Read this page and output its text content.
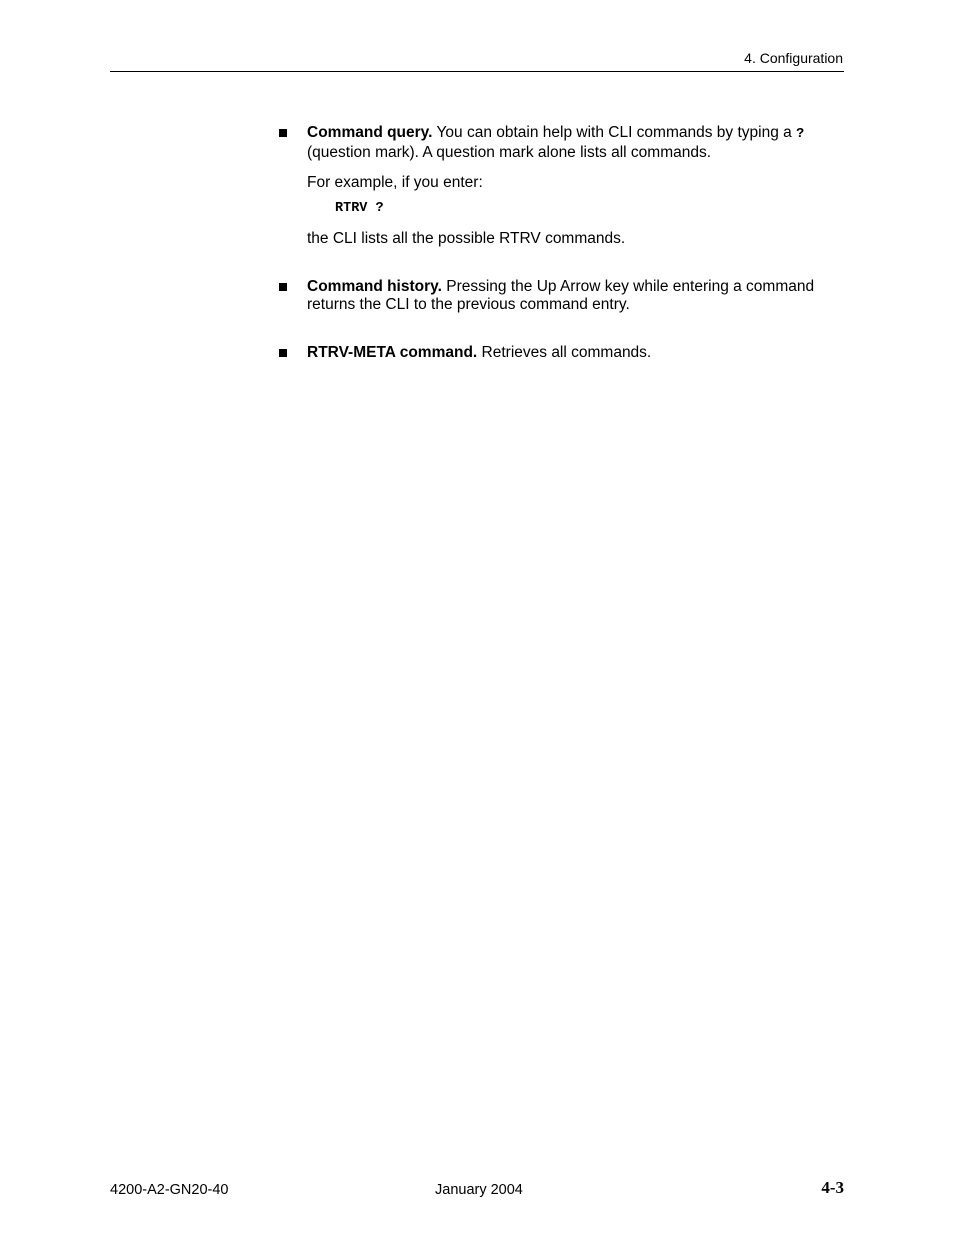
4. Configuration

Command query. You can obtain help with CLI commands by typing a ?
(question mark). A question mark alone lists all commands.

For example, if you enter:

RTRV ?

the CLI lists all the possible RTRV commands.

Command history. Pressing the Up Arrow key while entering a command returns the CLI to the previous command entry.

RTRV-META command. Retrieves all commands.

4200-A2-GN20-40	January 2004	4-3
